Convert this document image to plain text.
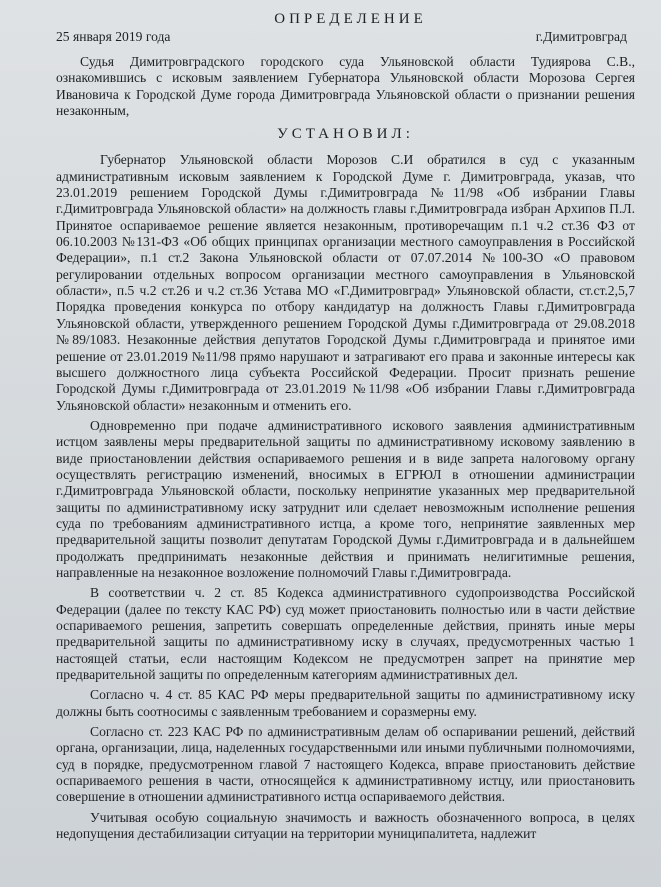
ОПРЕДЕЛЕНИЕ
25 января 2019 года	г.Димитровград

Судья Димитровградского городского суда Ульяновской области Тудиярова С.В., ознакомившись с исковым заявлением Губернатора Ульяновской области Морозова Сергея Ивановича к Городской Думе города Димитровграда Ульяновской области о признании решения незаконным,

УСТАНОВИЛ:

Губернатор Ульяновской области Морозов С.И обратился в суд с указанным административным исковым заявлением к Городской Думе г. Димитровграда, указав, что 23.01.2019 решением Городской Думы г.Димитровграда №11/98 «Об избрании Главы г.Димитровграда Ульяновской области» на должность главы г.Димитровграда избран Архипов П.Л. Принятое оспариваемое решение является незаконным, противоречащим п.1 ч.2 ст.36 ФЗ от 06.10.2003 №131-ФЗ «Об общих принципах организации местного самоуправления в Российской Федерации», п.1 ст.2 Закона Ульяновской области от 07.07.2014 №100-ЗО «О правовом регулировании отдельных вопросом организации местного самоуправления в Ульяновской области», п.5 ч.2 ст.26 и ч.2 ст.36 Устава МО «Г.Димитровград» Ульяновской области, ст.ст.2,5,7 Порядка проведения конкурса по отбору кандидатур на должность Главы г.Димитровграда Ульяновской области, утвержденного решением Городской Думы г.Димитровграда от 29.08.2018 №89/1083. Незаконные действия депутатов Городской Думы г.Димитровграда и принятое ими решение от 23.01.2019 №11/98 прямо нарушают и затрагивают его права и законные интересы как высшего должностного лица субъекта Российской Федерации. Просит признать решение Городской Думы г.Димитровграда от 23.01.2019 №11/98 «Об избрании Главы г.Димитровграда Ульяновской области» незаконным и отменить его.

Одновременно при подаче административного искового заявления административным истцом заявлены меры предварительной защиты по административному исковому заявлению в виде приостановлении действия оспариваемого решения и в виде запрета налоговому органу осуществлять регистрацию изменений, вносимых в ЕГРЮЛ в отношении администрации г.Димитровграда Ульяновской области, поскольку непринятие указанных мер предварительной защиты по административному иску затруднит или сделает невозможным исполнение решения суда по требованиям административного истца, а кроме того, непринятие заявленных мер предварительной защиты позволит депутатам Городской Думы г.Димитровграда и в дальнейшем продолжать предпринимать незаконные действия и принимать нелигитимные решения, направленные на незаконное возложение полномочий Главы г.Димитровграда.

В соответствии ч. 2 ст. 85 Кодекса административного судопроизводства Российской Федерации (далее по тексту КАС РФ) суд может приостановить полностью или в части действие оспариваемого решения, запретить совершать определенные действия, принять иные меры предварительной защиты по административному иску в случаях, предусмотренных частью 1 настоящей статьи, если настоящим Кодексом не предусмотрен запрет на принятие мер предварительной защиты по определенным категориям административных дел.

Согласно ч. 4 ст. 85 КАС РФ меры предварительной защиты по административному иску должны быть соотносимы с заявленным требованием и соразмерны ему.

Согласно ст. 223 КАС РФ по административным делам об оспаривании решений, действий органа, организации, лица, наделенных государственными или иными публичными полномочиями, суд в порядке, предусмотренном главой 7 настоящего Кодекса, вправе приостановить действие оспариваемого решения в части, относящейся к административному истцу, или приостановить совершение в отношении административного истца оспариваемого действия.

Учитывая особую социальную значимость и важность обозначенного вопроса, в целях недопущения дестабилизации ситуации на территории муниципалитета, надлежит
